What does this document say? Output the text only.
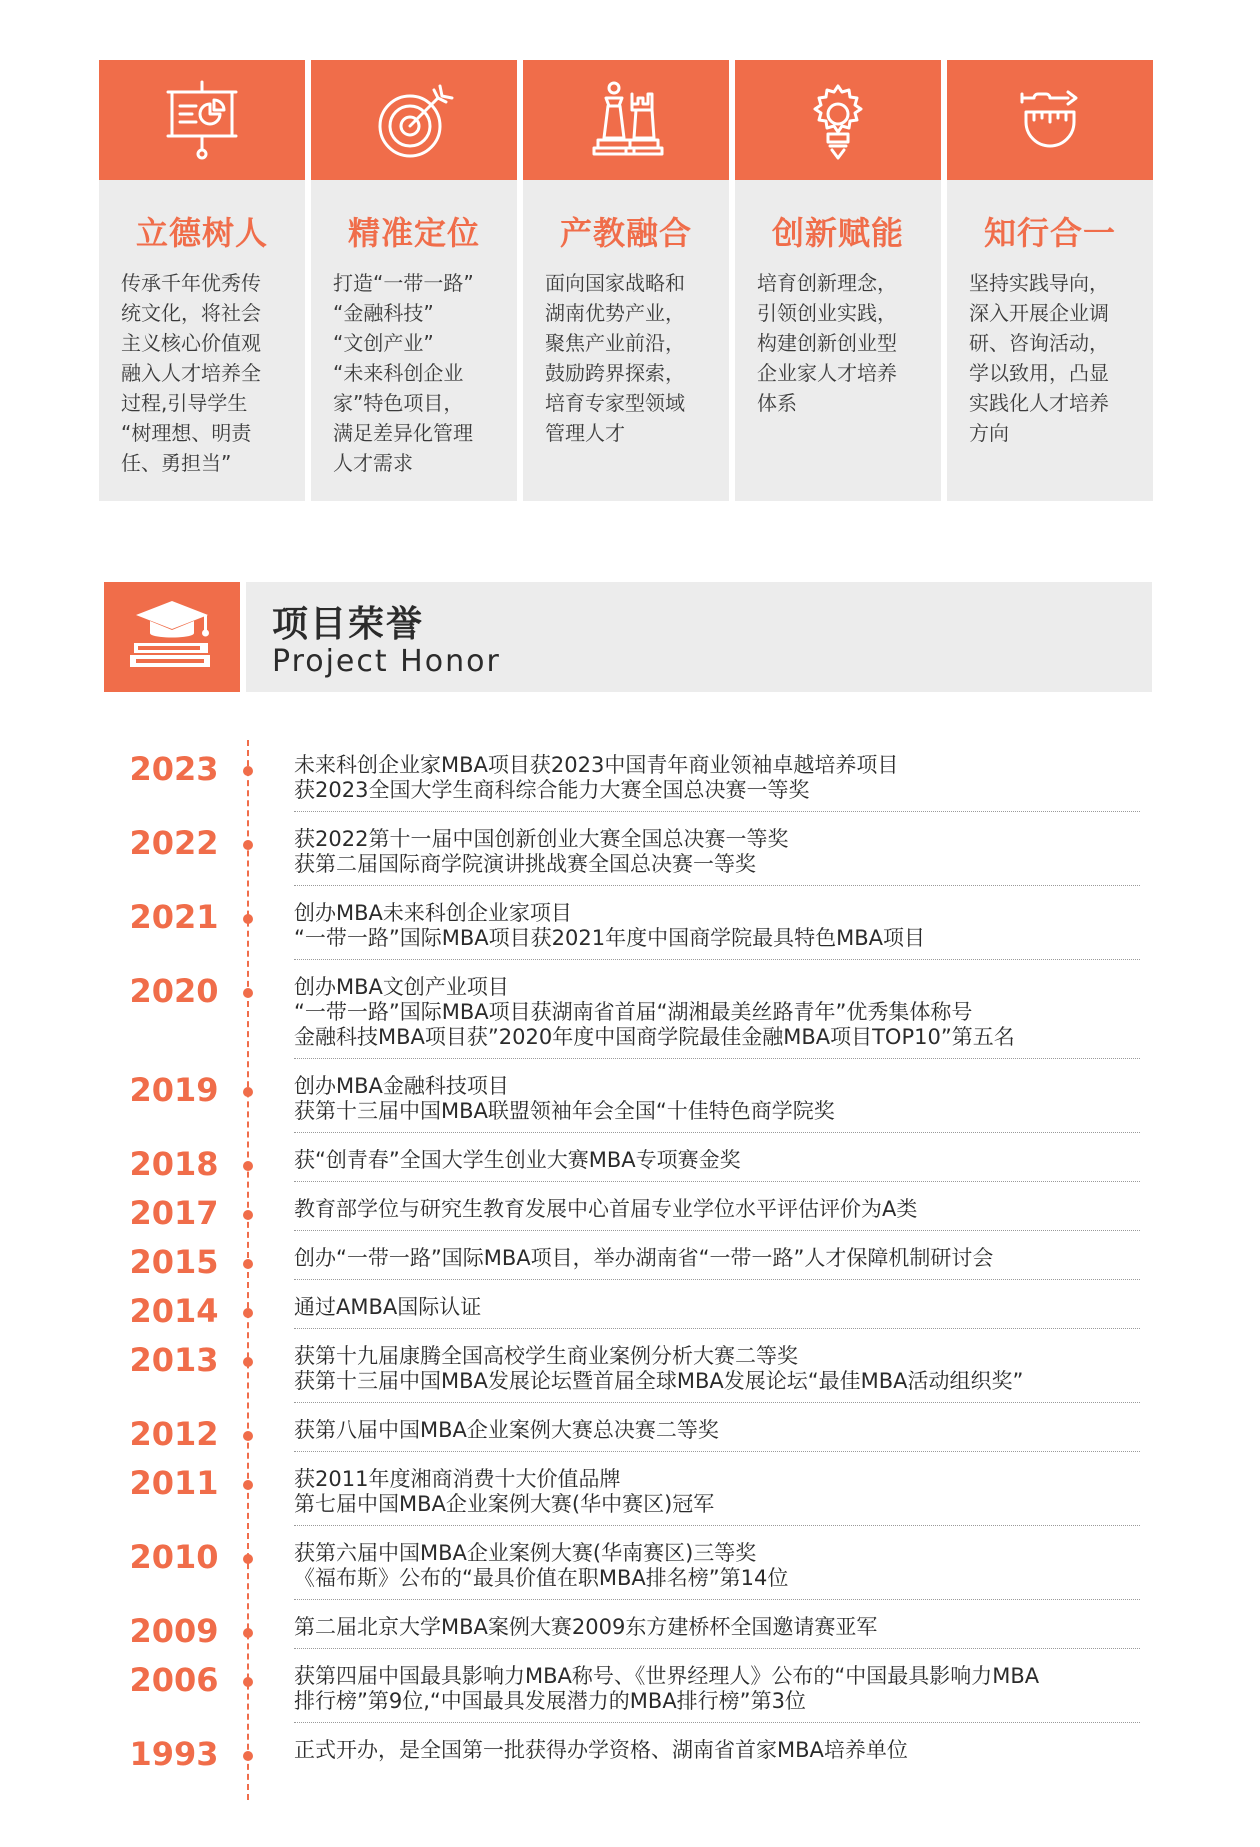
立德树人
传承千年优秀传
统文化，将社会
主义核心价值观
融入人才培养全
过程,引导学生
“树理想、明责
任、勇担当”
精准定位
打造“一带一路”
“金融科技”
“文创产业”
“未来科创企业
家”特色项目，
满足差异化管理
人才需求
产教融合
面向国家战略和
湖南优势产业，
聚焦产业前沿，
鼓励跨界探索，
培育专家型领域
管理人才
创新赋能
培育创新理念，
引领创业实践，
构建创新创业型
企业家人才培养
体系
知行合一
坚持实践导向，
深入开展企业调
研、咨询活动，
学以致用，凸显
实践化人才培养
方向
项目荣誉
Project Honor
2023	未来科创企业家MBA项目获2023中国青年商业领袖卓越培养项目
获2023全国大学生商科综合能力大赛全国总决赛一等奖
2022	获2022第十一届中国创新创业大赛全国总决赛一等奖
获第二届国际商学院演讲挑战赛全国总决赛一等奖
2021	创办MBA未来科创企业家项目
“一带一路”国际MBA项目获2021年度中国商学院最具特色MBA项目
2020	创办MBA文创产业项目
“一带一路”国际MBA项目获湖南省首届“湖湘最美丝路青年”优秀集体称号
金融科技MBA项目获”2020年度中国商学院最佳金融MBA项目TOP10”第五名
2019	创办MBA金融科技项目
获第十三届中国MBA联盟领袖年会全国“十佳特色商学院奖
2018	获“创青春”全国大学生创业大赛MBA专项赛金奖
2017	教育部学位与研究生教育发展中心首届专业学位水平评估评价为A类
2015	创办“一带一路”国际MBA项目，举办湖南省“一带一路”人才保障机制研讨会
2014	通过AMBA国际认证
2013	获第十九届康腾全国高校学生商业案例分析大赛二等奖
获第十三届中国MBA发展论坛暨首届全球MBA发展论坛“最佳MBA活动组织奖”
2012	获第八届中国MBA企业案例大赛总决赛二等奖
2011	获2011年度湘商消费十大价值品牌
第七届中国MBA企业案例大赛(华中赛区)冠军
2010	获第六届中国MBA企业案例大赛(华南赛区)三等奖
《福布斯》公布的“最具价值在职MBA排名榜”第14位
2009	第二届北京大学MBA案例大赛2009东方建桥杯全国邀请赛亚军
2006	获第四届中国最具影响力MBA称号、《世界经理人》公布的“中国最具影响力MBA
排行榜”第9位,“中国最具发展潜力的MBA排行榜”第3位
1993	正式开办，是全国第一批获得办学资格、湖南省首家MBA培养单位
